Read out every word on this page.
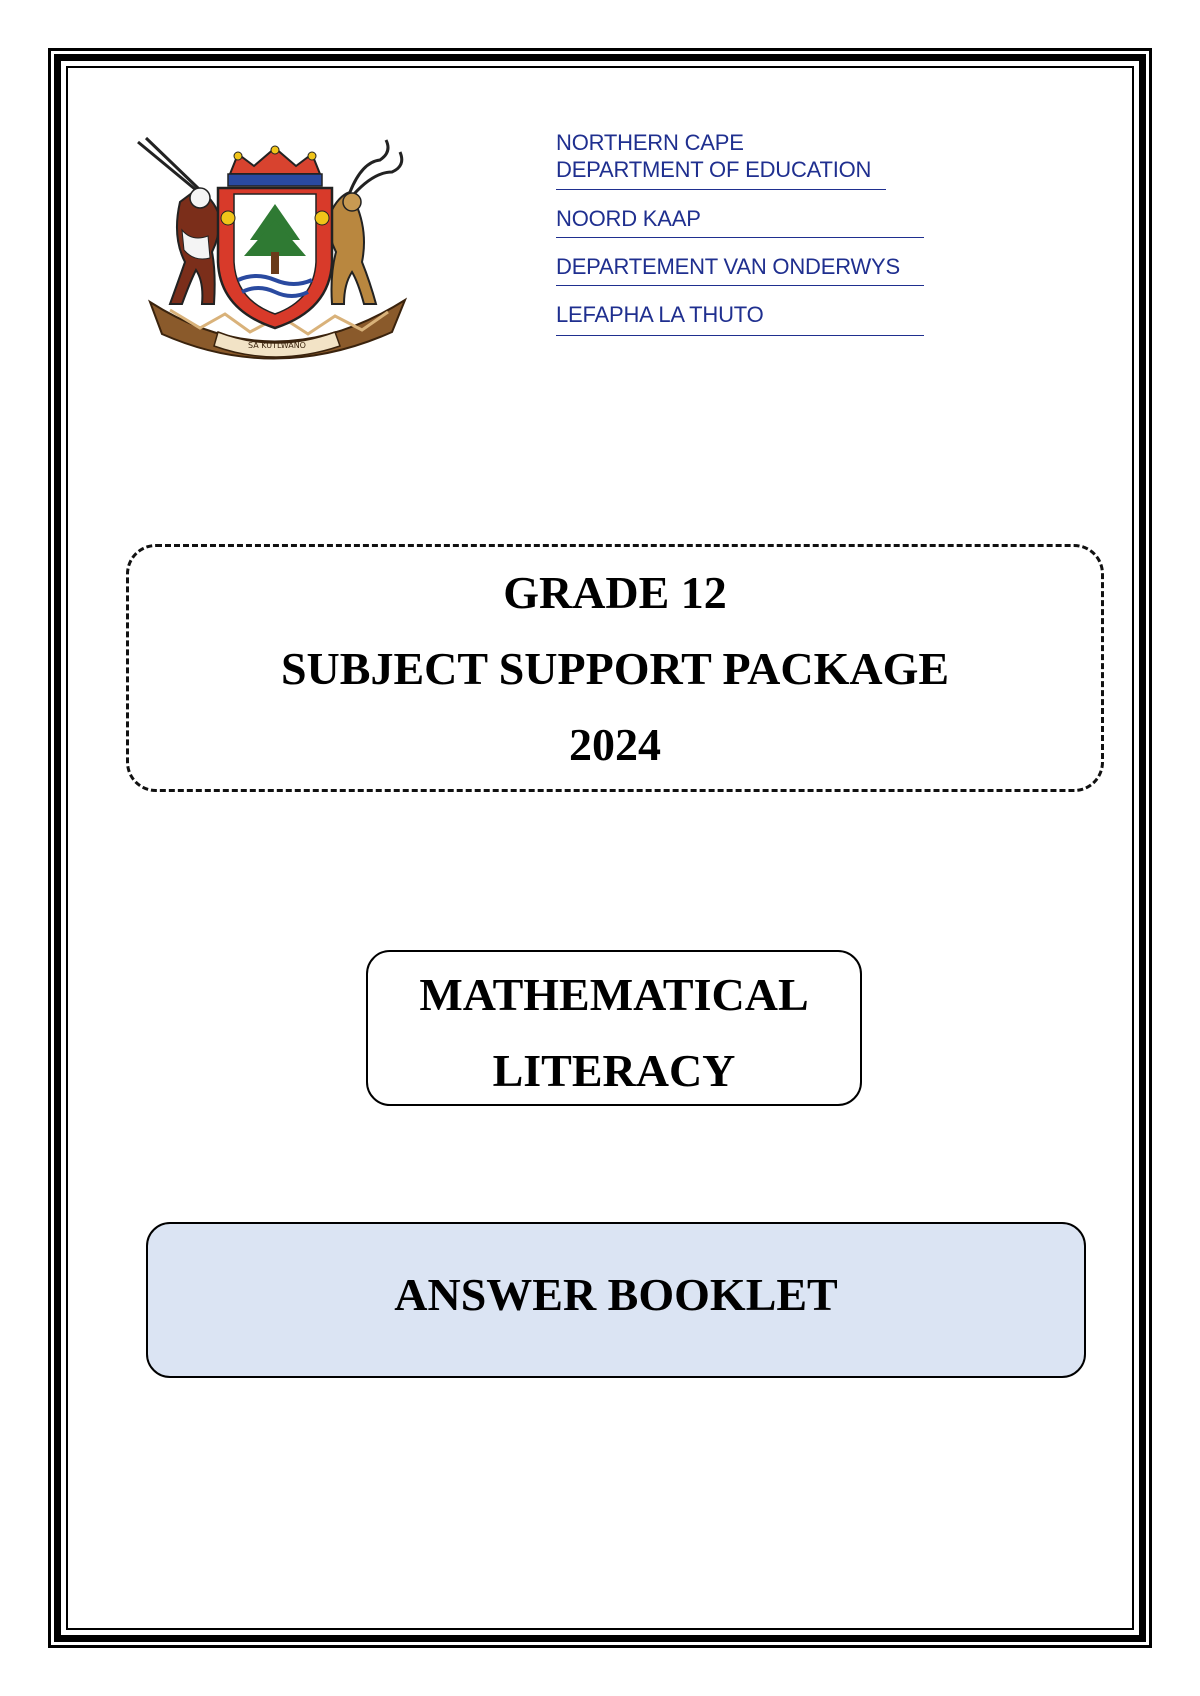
SA KUTLWANO
NORTHERN CAPE
DEPARTMENT OF EDUCATION
NOORD KAAP
DEPARTEMENT VAN ONDERWYS
LEFAPHA LA THUTO
GRADE 12
SUBJECT SUPPORT PACKAGE
2024
MATHEMATICAL
LITERACY
ANSWER BOOKLET
